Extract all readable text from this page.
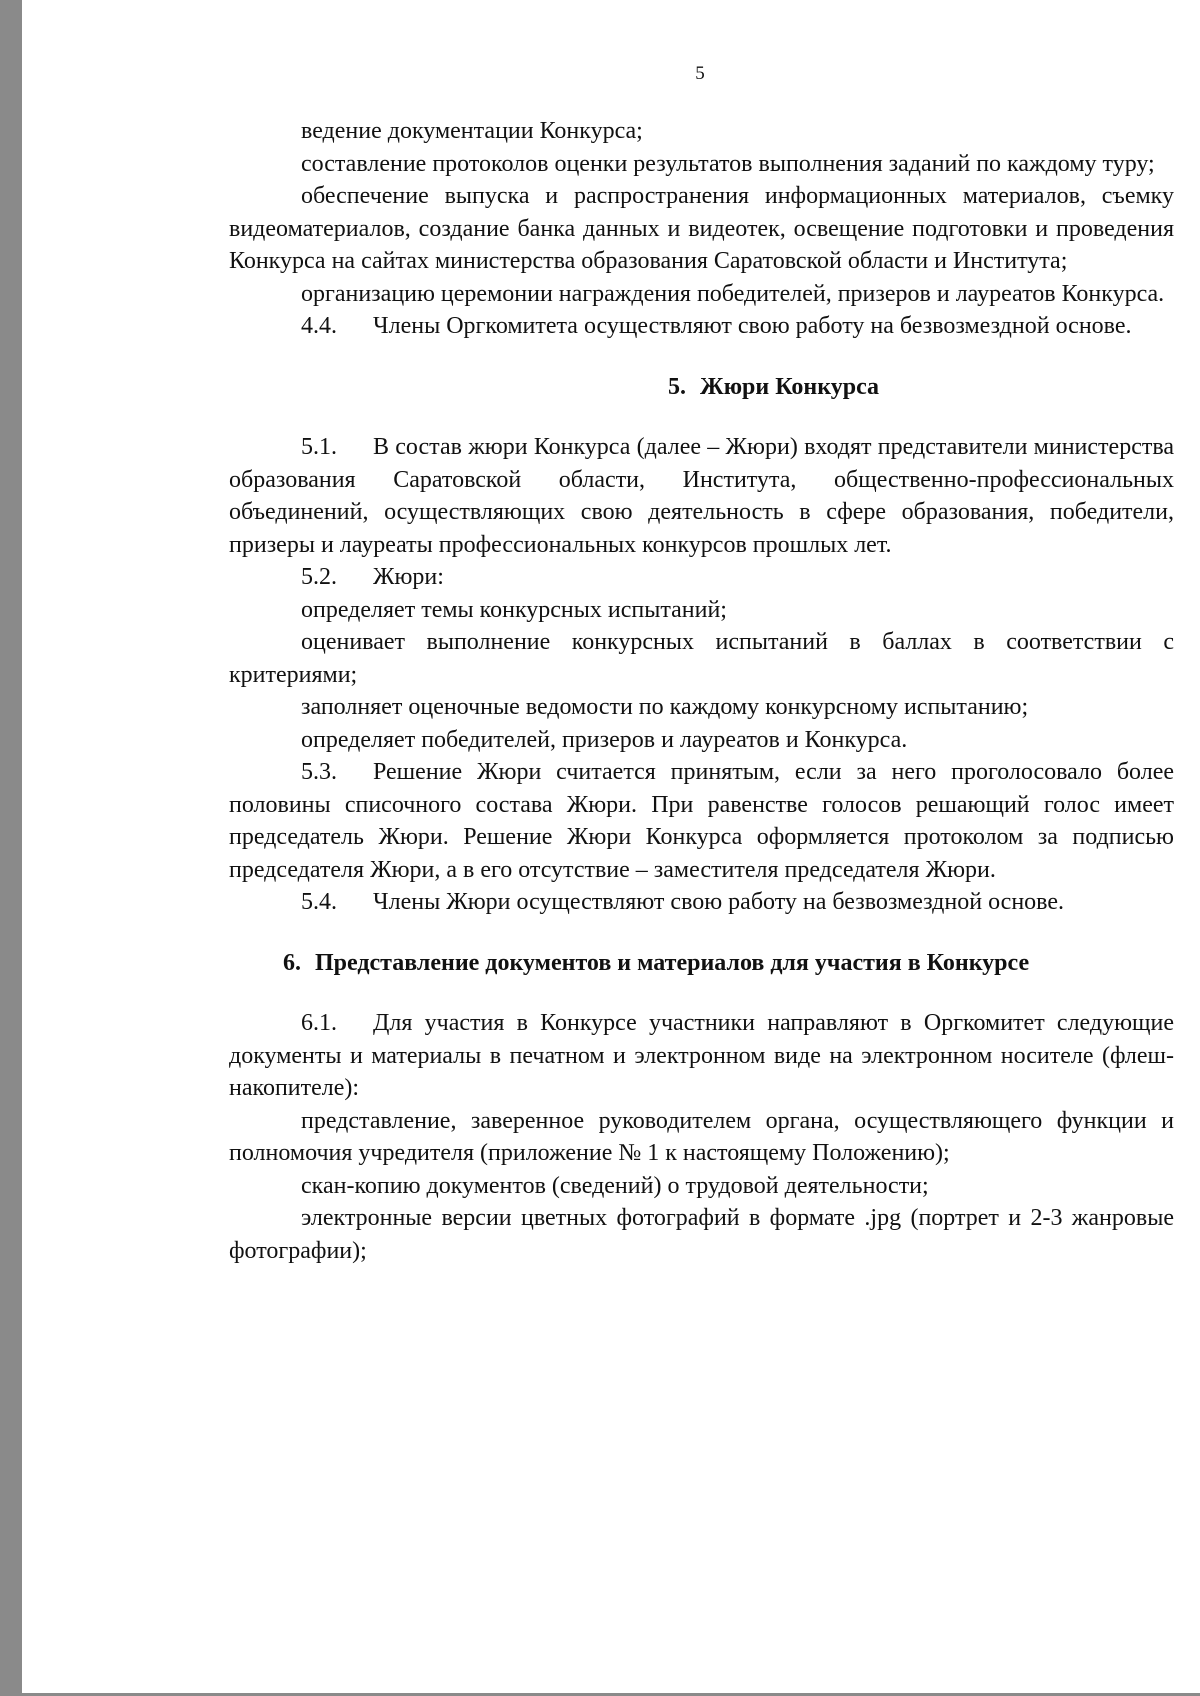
5

ведение документации Конкурса;

составление протоколов оценки результатов выполнения заданий по каждому туру;

обеспечение выпуска и распространения информационных материалов, съемку видеоматериалов, создание банка данных и видеотек, освещение подготовки и проведения Конкурса на сайтах министерства образования Саратовской области и Института;

организацию церемонии награждения победителей, призеров и лауреатов Конкурса.

4.4. Члены Оргкомитета осуществляют свою работу на безвозмездной основе.

5. Жюри Конкурса

5.1. В состав жюри Конкурса (далее – Жюри) входят представители министерства образования Саратовской области, Института, общественно-профессиональных объединений, осуществляющих свою деятельность в сфере образования, победители, призеры и лауреаты профессиональных конкурсов прошлых лет.

5.2. Жюри:

определяет темы конкурсных испытаний;

оценивает выполнение конкурсных испытаний в баллах в соответствии с критериями;

заполняет оценочные ведомости по каждому конкурсному испытанию;

определяет победителей, призеров и лауреатов и Конкурса.

5.3. Решение Жюри считается принятым, если за него проголосовало более половины списочного состава Жюри. При равенстве голосов решающий голос имеет председатель Жюри. Решение Жюри Конкурса оформляется протоколом за подписью председателя Жюри, а в его отсутствие – заместителя председателя Жюри.

5.4. Члены Жюри осуществляют свою работу на безвозмездной основе.

6. Представление документов и материалов для участия в Конкурсе

6.1. Для участия в Конкурсе участники направляют в Оргкомитет следующие документы и материалы в печатном и электронном виде на электронном носителе (флеш-накопителе):

представление, заверенное руководителем органа, осуществляющего функции и полномочия учредителя (приложение № 1 к настоящему Положению);

скан-копию документов (сведений) о трудовой деятельности;

электронные версии цветных фотографий в формате .jpg (портрет и 2-3 жанровые фотографии);
